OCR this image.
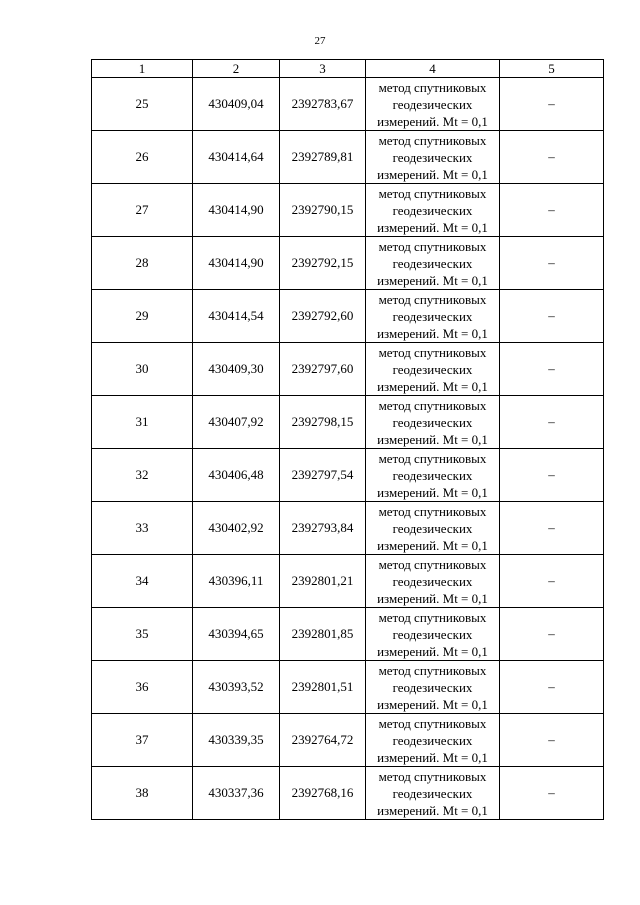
27
1	2	3	4	5
25	430409,04	2392783,67	метод спутниковых
геодезических
измерений. Mt = 0,1	–
26	430414,64	2392789,81	метод спутниковых
геодезических
измерений. Mt = 0,1	–
27	430414,90	2392790,15	метод спутниковых
геодезических
измерений. Mt = 0,1	–
28	430414,90	2392792,15	метод спутниковых
геодезических
измерений. Mt = 0,1	–
29	430414,54	2392792,60	метод спутниковых
геодезических
измерений. Mt = 0,1	–
30	430409,30	2392797,60	метод спутниковых
геодезических
измерений. Mt = 0,1	–
31	430407,92	2392798,15	метод спутниковых
геодезических
измерений. Mt = 0,1	–
32	430406,48	2392797,54	метод спутниковых
геодезических
измерений. Mt = 0,1	–
33	430402,92	2392793,84	метод спутниковых
геодезических
измерений. Mt = 0,1	–
34	430396,11	2392801,21	метод спутниковых
геодезических
измерений. Mt = 0,1	–
35	430394,65	2392801,85	метод спутниковых
геодезических
измерений. Mt = 0,1	–
36	430393,52	2392801,51	метод спутниковых
геодезических
измерений. Mt = 0,1	–
37	430339,35	2392764,72	метод спутниковых
геодезических
измерений. Mt = 0,1	–
38	430337,36	2392768,16	метод спутниковых
геодезических
измерений. Mt = 0,1	–
